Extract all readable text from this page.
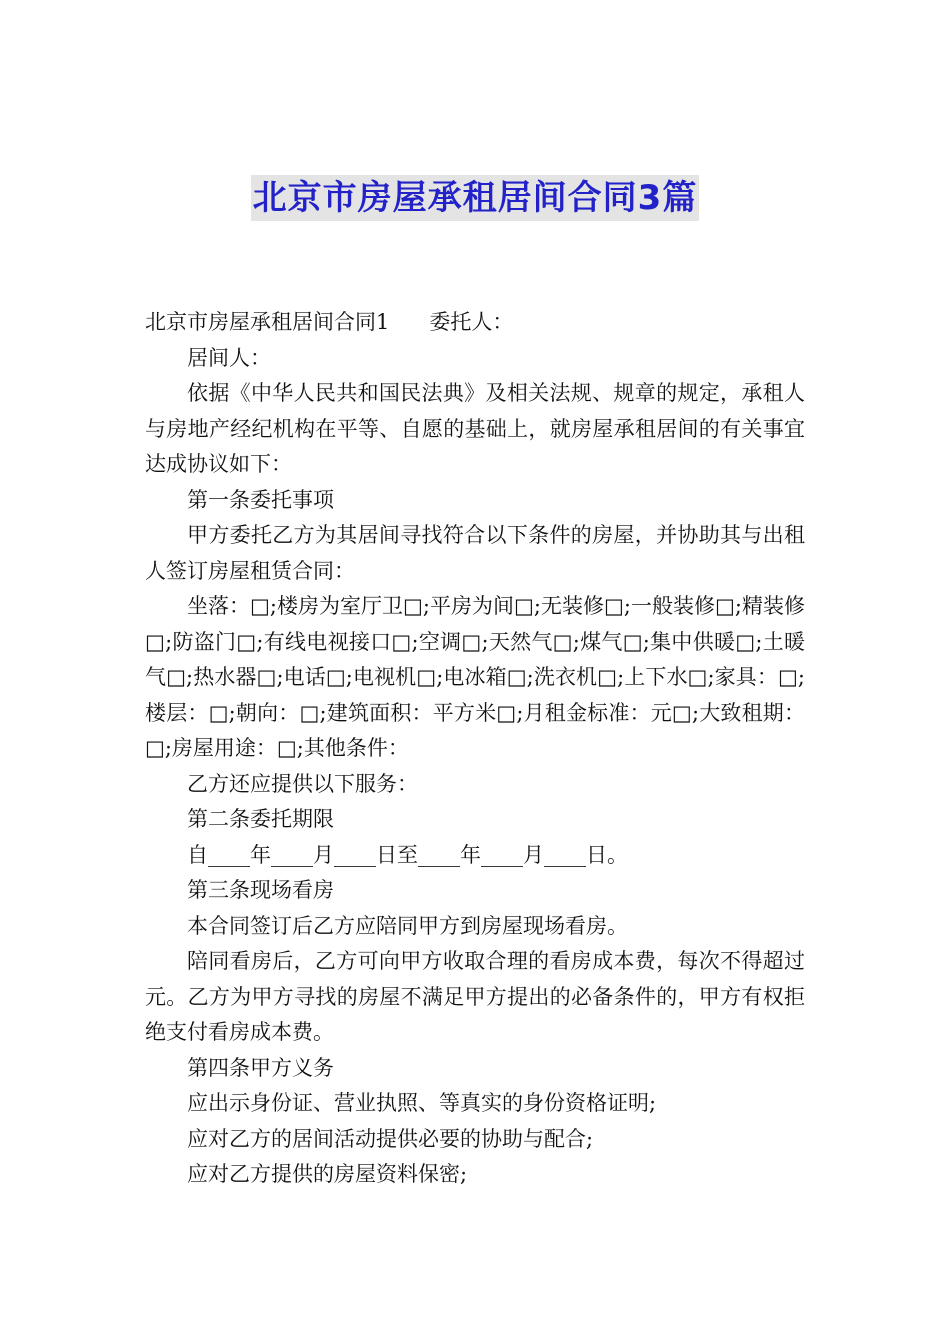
北京市房屋承租居间合同3篇

北京市房屋承租居间合同1 委托人：

居间人：

依据《中华人民共和国民法典》及相关法规、规章的规定，承租人与房地产经纪机构在平等、自愿的基础上，就房屋承租居间的有关事宜达成协议如下：

第一条委托事项

甲方委托乙方为其居间寻找符合以下条件的房屋，并协助其与出租人签订房屋租赁合同：

坐落：□;楼房为室厅卫□;平房为间□;无装修□;一般装修□;精装修□;防盗门□;有线电视接口□;空调□;天然气□;煤气□;集中供暖□;土暖气□;热水器□;电话□;电视机□;电冰箱□;洗衣机□;上下水□;家具：□;楼层：□;朝向：□;建筑面积：平方米□;月租金标准：元□;大致租期：□;房屋用途：□;其他条件：

乙方还应提供以下服务：

第二条委托期限

自____年____月____日至____年____月____日。

第三条现场看房

本合同签订后乙方应陪同甲方到房屋现场看房。

陪同看房后，乙方可向甲方收取合理的看房成本费，每次不得超过元。乙方为甲方寻找的房屋不满足甲方提出的必备条件的，甲方有权拒绝支付看房成本费。

第四条甲方义务

应出示身份证、营业执照、等真实的身份资格证明;

应对乙方的居间活动提供必要的协助与配合;

应对乙方提供的房屋资料保密;
